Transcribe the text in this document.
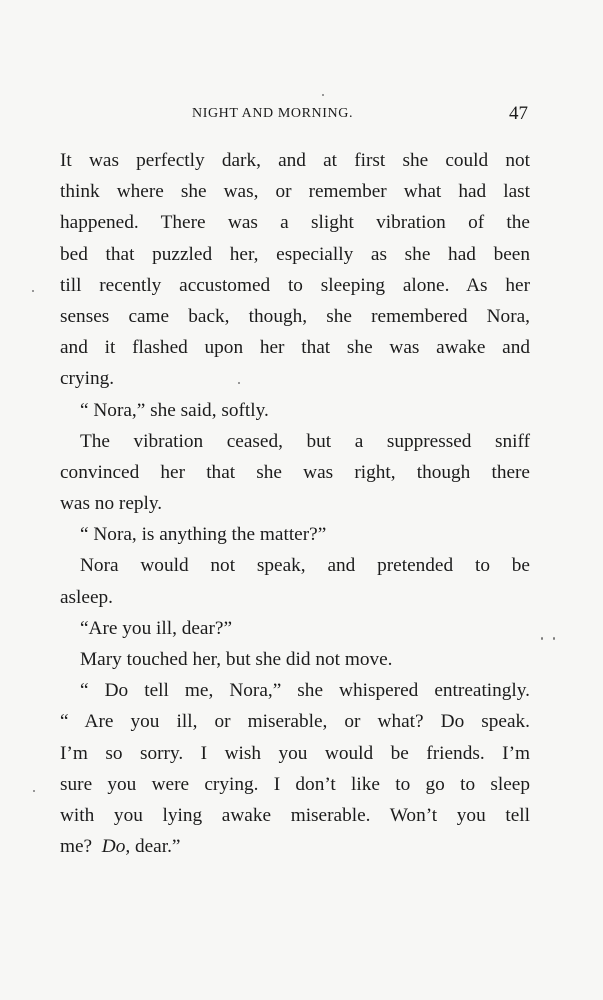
NIGHT AND MORNING.	47
It was perfectly dark, and at first she could not
think where she was, or remember what had last
happened. There was a slight vibration of the
bed that puzzled her, especially as she had been
till recently accustomed to sleeping alone. As her
senses came back, though, she remembered Nora,
and it flashed upon her that she was awake and
crying.
“ Nora,” she said, softly.
The vibration ceased, but a suppressed sniff
convinced her that she was right, though there
was no reply.
“ Nora, is anything the matter?”
Nora would not speak, and pretended to be
asleep.
“Are you ill, dear?”
Mary touched her, but she did not move.
“ Do tell me, Nora,” she whispered entreatingly.
“ Are you ill, or miserable, or what? Do speak.
I’m so sorry. I wish you would be friends. I’m
sure you were crying. I don’t like to go to sleep
with you lying awake miserable. Won’t you tell
me? Do, dear.”
